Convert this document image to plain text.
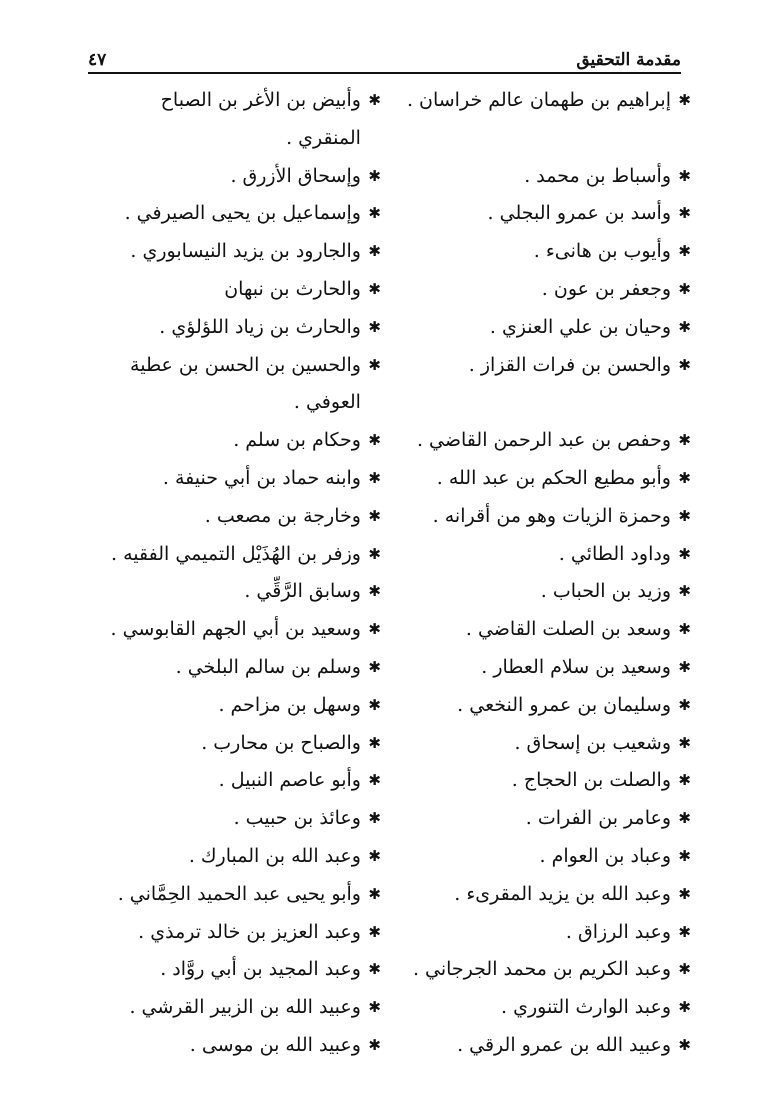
مقدمة التحقيق
٤٧
✱
إبراهيم بن طهمان عالم خراسان .
✱
وأسباط بن محمد .
✱
وأسد بن عمرو البجلي .
✱
وأيوب بن هانىء .
✱
وجعفر بن عون .
✱
وحيان بن علي العنزي .
✱
والحسن بن فرات القزاز .
✱
وحفص بن عبد الرحمن القاضي .
✱
وأبو مطيع الحكم بن عبد الله .
✱
وحمزة الزيات وهو من أقرانه .
✱
وداود الطائي .
✱
وزيد بن الحباب .
✱
وسعد بن الصلت القاضي .
✱
وسعيد بن سلام العطار .
✱
وسليمان بن عمرو النخعي .
✱
وشعيب بن إسحاق .
✱
والصلت بن الحجاج .
✱
وعامر بن الفرات .
✱
وعباد بن العوام .
✱
وعبد الله بن يزيد المقرىء .
✱
وعبد الرزاق .
✱
وعبد الكريم بن محمد الجرجاني .
✱
وعبد الوارث التنوري .
✱
وعبيد الله بن عمرو الرقي .
✱
وأبيض بن الأغر بن الصباح المنقري .
✱
وإسحاق الأزرق .
✱
وإسماعيل بن يحيى الصيرفي .
✱
والجارود بن يزيد النيسابوري .
✱
والحارث بن نبهان
✱
والحارث بن زياد اللؤلؤي .
✱
والحسين بن الحسن بن عطية العوفي .
✱
وحكام بن سلم .
✱
وابنه حماد بن أبي حنيفة .
✱
وخارجة بن مصعب .
✱
وزفر بن الهُذَيْل التميمي الفقيه .
✱
وسابق الرَّقِّي .
✱
وسعيد بن أبي الجهم القابوسي .
✱
وسلم بن سالم البلخي .
✱
وسهل بن مزاحم .
✱
والصباح بن محارب .
✱
وأبو عاصم النبيل .
✱
وعائذ بن حبيب .
✱
وعبد الله بن المبارك .
✱
وأبو يحيى عبد الحميد الحِمَّاني .
✱
وعبد العزيز بن خالد ترمذي .
✱
وعبد المجيد بن أبي روَّاد .
✱
وعبيد الله بن الزبير القرشي .
✱
وعبيد الله بن موسى .
